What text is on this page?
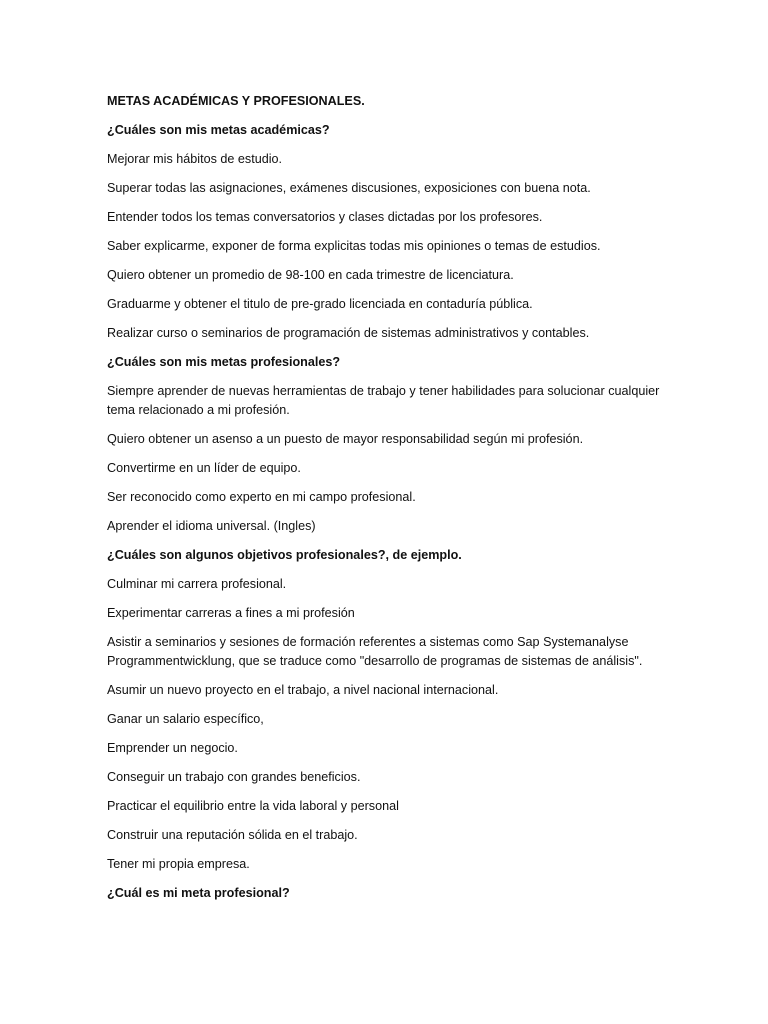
METAS ACADÉMICAS Y PROFESIONALES.

¿Cuáles son mis metas académicas?

Mejorar mis hábitos de estudio.

Superar todas las asignaciones, exámenes discusiones, exposiciones con buena nota.

Entender todos los temas conversatorios y clases dictadas por los profesores.

Saber explicarme, exponer de forma explicitas todas mis opiniones o temas de estudios.

Quiero obtener un promedio de 98-100 en cada trimestre de licenciatura.

Graduarme y obtener el titulo de pre-grado licenciada en contaduría pública.

Realizar curso o seminarios de programación de sistemas administrativos y contables.

¿Cuáles son mis metas profesionales?

Siempre aprender de nuevas herramientas de trabajo y tener habilidades para solucionar cualquier tema relacionado a mi profesión.

Quiero obtener un asenso a un puesto de mayor responsabilidad según mi profesión.

Convertirme en un líder de equipo.

Ser reconocido como experto en mi campo profesional.

Aprender el idioma universal. (Ingles)

¿Cuáles son algunos objetivos profesionales?, de ejemplo.

Culminar mi carrera profesional.

Experimentar carreras a fines a mi profesión

Asistir a seminarios y sesiones de formación referentes a sistemas como Sap Systemanalyse Programmentwicklung, que se traduce como "desarrollo de programas de sistemas de análisis".

Asumir un nuevo proyecto en el trabajo, a nivel nacional internacional.

Ganar un salario específico,

Emprender un negocio.

Conseguir un trabajo con grandes beneficios.

Practicar el equilibrio entre la vida laboral y personal

Construir una reputación sólida en el trabajo.

Tener mi propia empresa.

¿Cuál es mi meta profesional?
